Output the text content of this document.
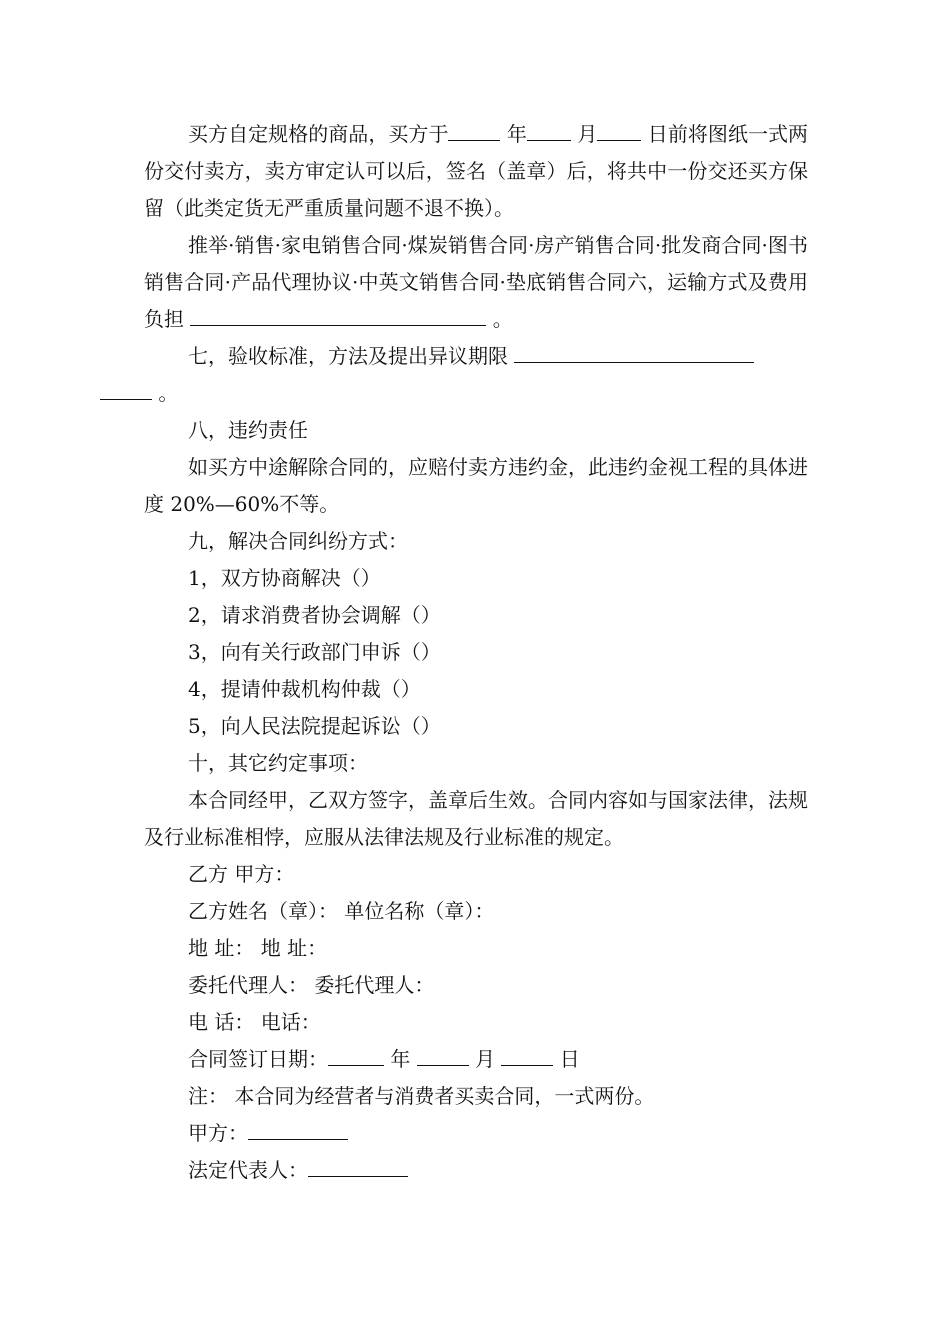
买方自定规格的商品，买方于	年	月	日前将图纸一式两份交付卖方，卖方审定认可以后，签名（盖章）后，将共中一份交还买方保留（此类定货无严重质量问题不退不换）。

推举·销售·家电销售合同·煤炭销售合同·房产销售合同·批发商合同·图书销售合同·产品代理协议·中英文销售合同·垫底销售合同六，运输方式及费用负担	。

七，验收标准，方法及提出异议期限
。

八，违约责任

如买方中途解除合同的，应赔付卖方违约金，此违约金视工程的具体进度 20%—60%不等。

九，解决合同纠纷方式：

1，双方协商解决（）

2，请求消费者协会调解（）

3，向有关行政部门申诉（）

4，提请仲裁机构仲裁（）

5，向人民法院提起诉讼（）

十，其它约定事项：

本合同经甲，乙双方签字，盖章后生效。合同内容如与国家法律，法规及行业标准相悖，应服从法律法规及行业标准的规定。

乙方 甲方：

乙方姓名（章）： 单位名称（章）：

地 址： 地 址：

委托代理人： 委托代理人：

电 话： 电话：

合同签订日期：	年	月	日

注： 本合同为经营者与消费者买卖合同，一式两份。

甲方：

法定代表人：
